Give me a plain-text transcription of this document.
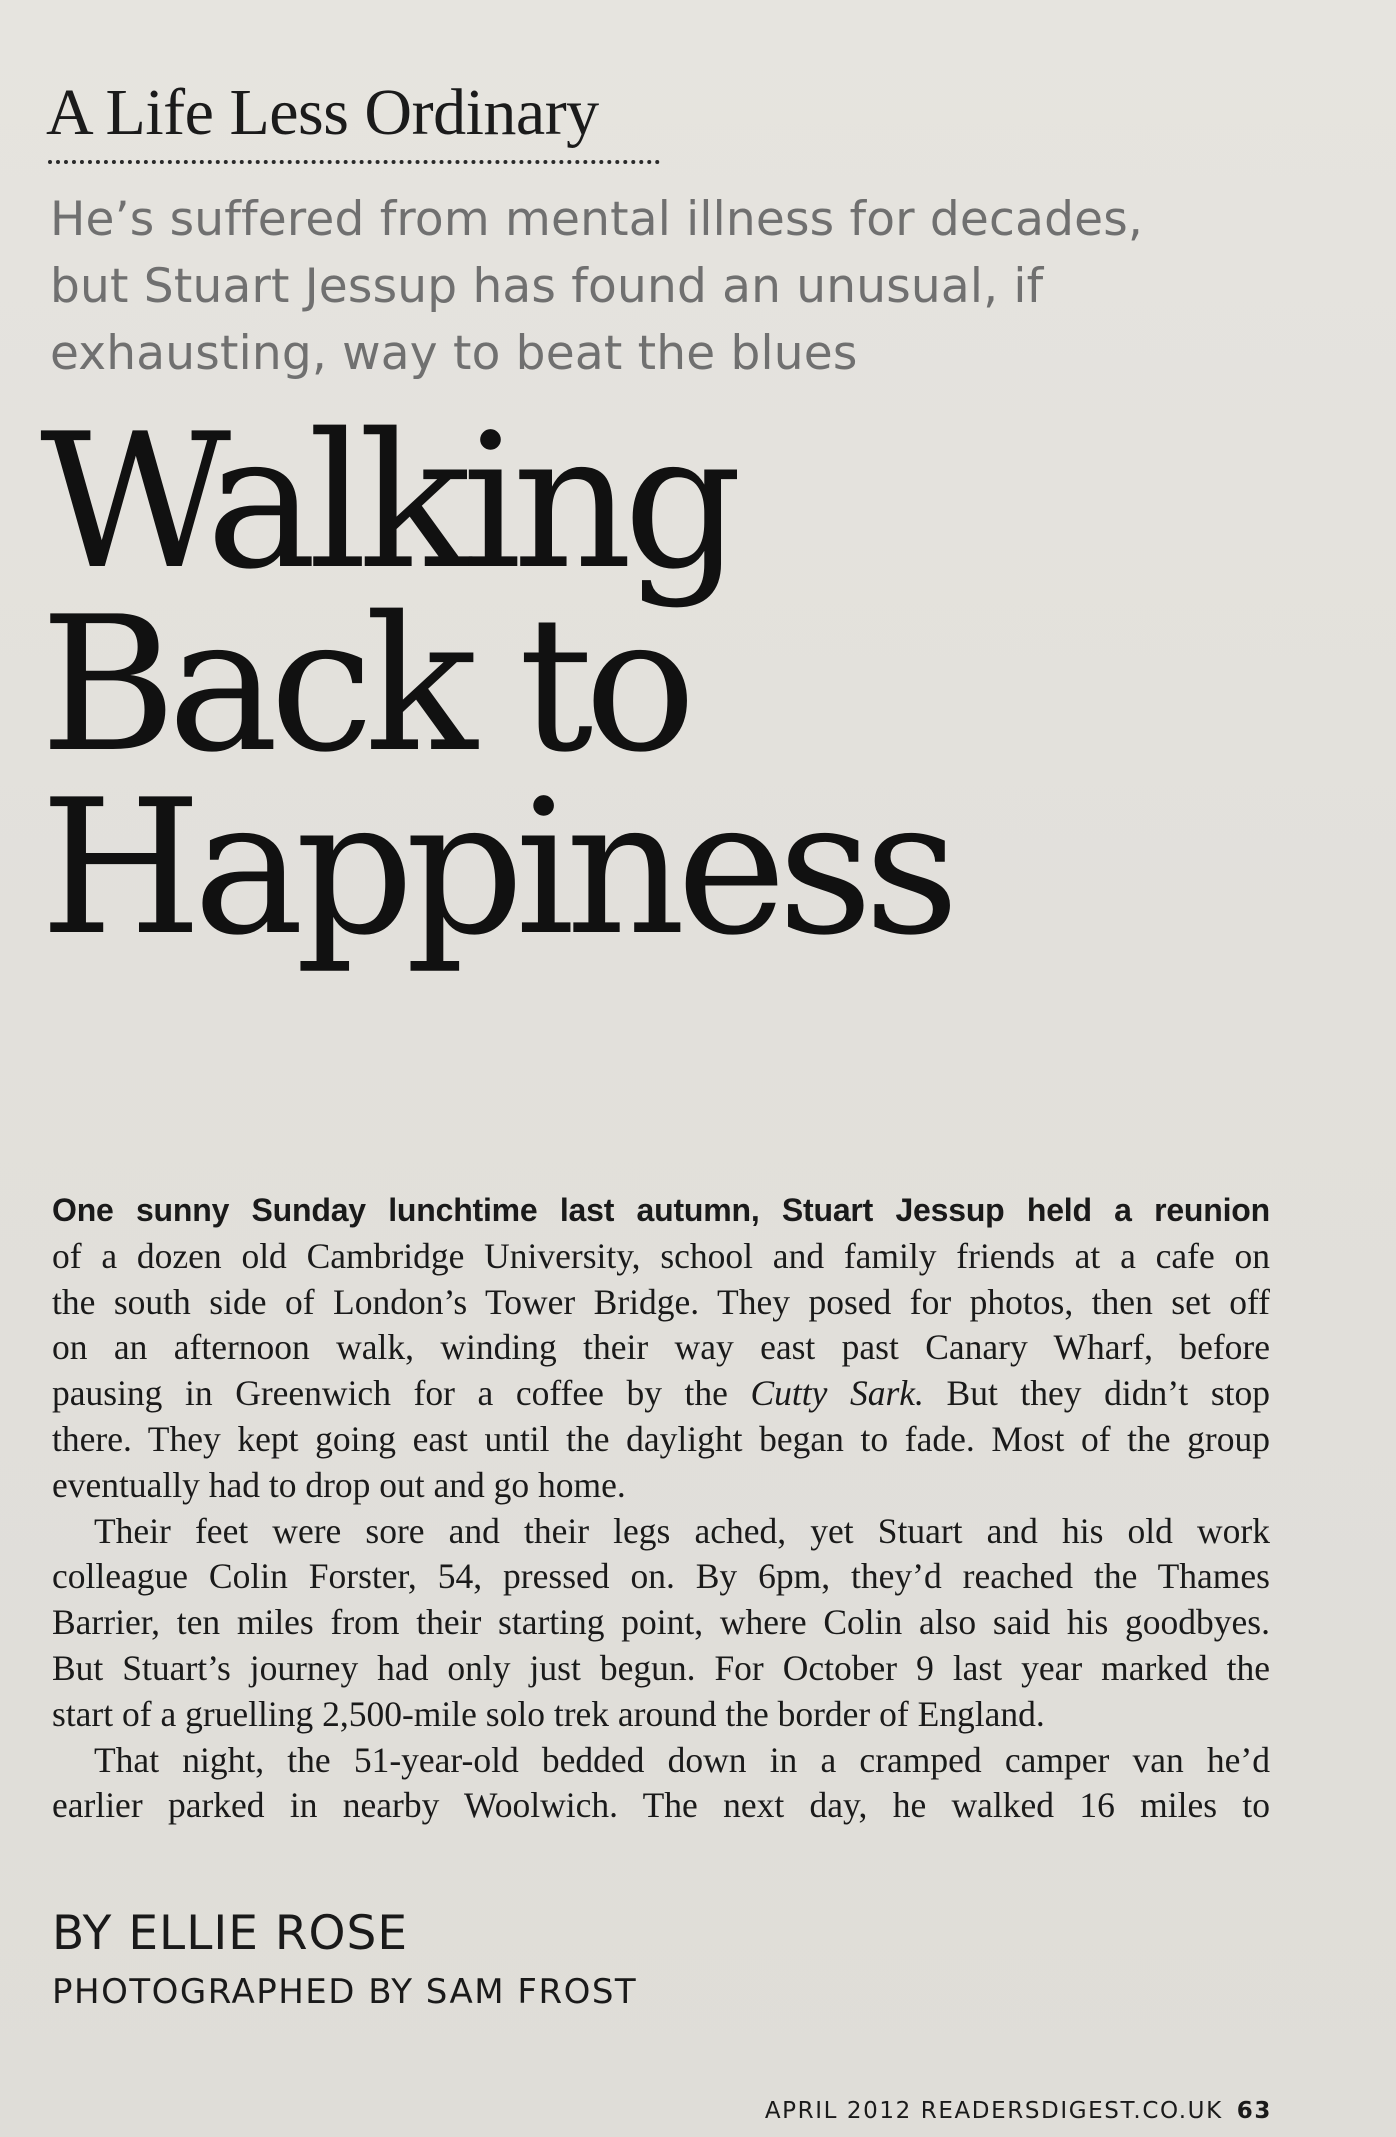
A Life Less Ordinary
He’s suffered from mental illness for decades,
but Stuart Jessup has found an unusual, if
exhausting, way to beat the blues
Walking
Back to
Happiness
One sunny Sunday lunchtime last autumn, Stuart Jessup held a reunion
of a dozen old Cambridge University, school and family friends at a cafe on
the south side of London’s Tower Bridge. They posed for photos, then set off
on an afternoon walk, winding their way east past Canary Wharf, before
pausing in Greenwich for a coffee by the Cutty Sark. But they didn’t stop
there. They kept going east until the daylight began to fade. Most of the group
eventually had to drop out and go home.
Their feet were sore and their legs ached, yet Stuart and his old work
colleague Colin Forster, 54, pressed on. By 6pm, they’d reached the Thames
Barrier, ten miles from their starting point, where Colin also said his goodbyes.
But Stuart’s journey had only just begun. For October 9 last year marked the
start of a gruelling 2,500-mile solo trek around the border of England.
That night, the 51-year-old bedded down in a cramped camper van he’d
earlier parked in nearby Woolwich. The next day, he walked 16 miles to
BY ELLIE ROSE
PHOTOGRAPHED BY SAM FROST
APRIL 2012 READERSDIGEST.CO.UK 63
